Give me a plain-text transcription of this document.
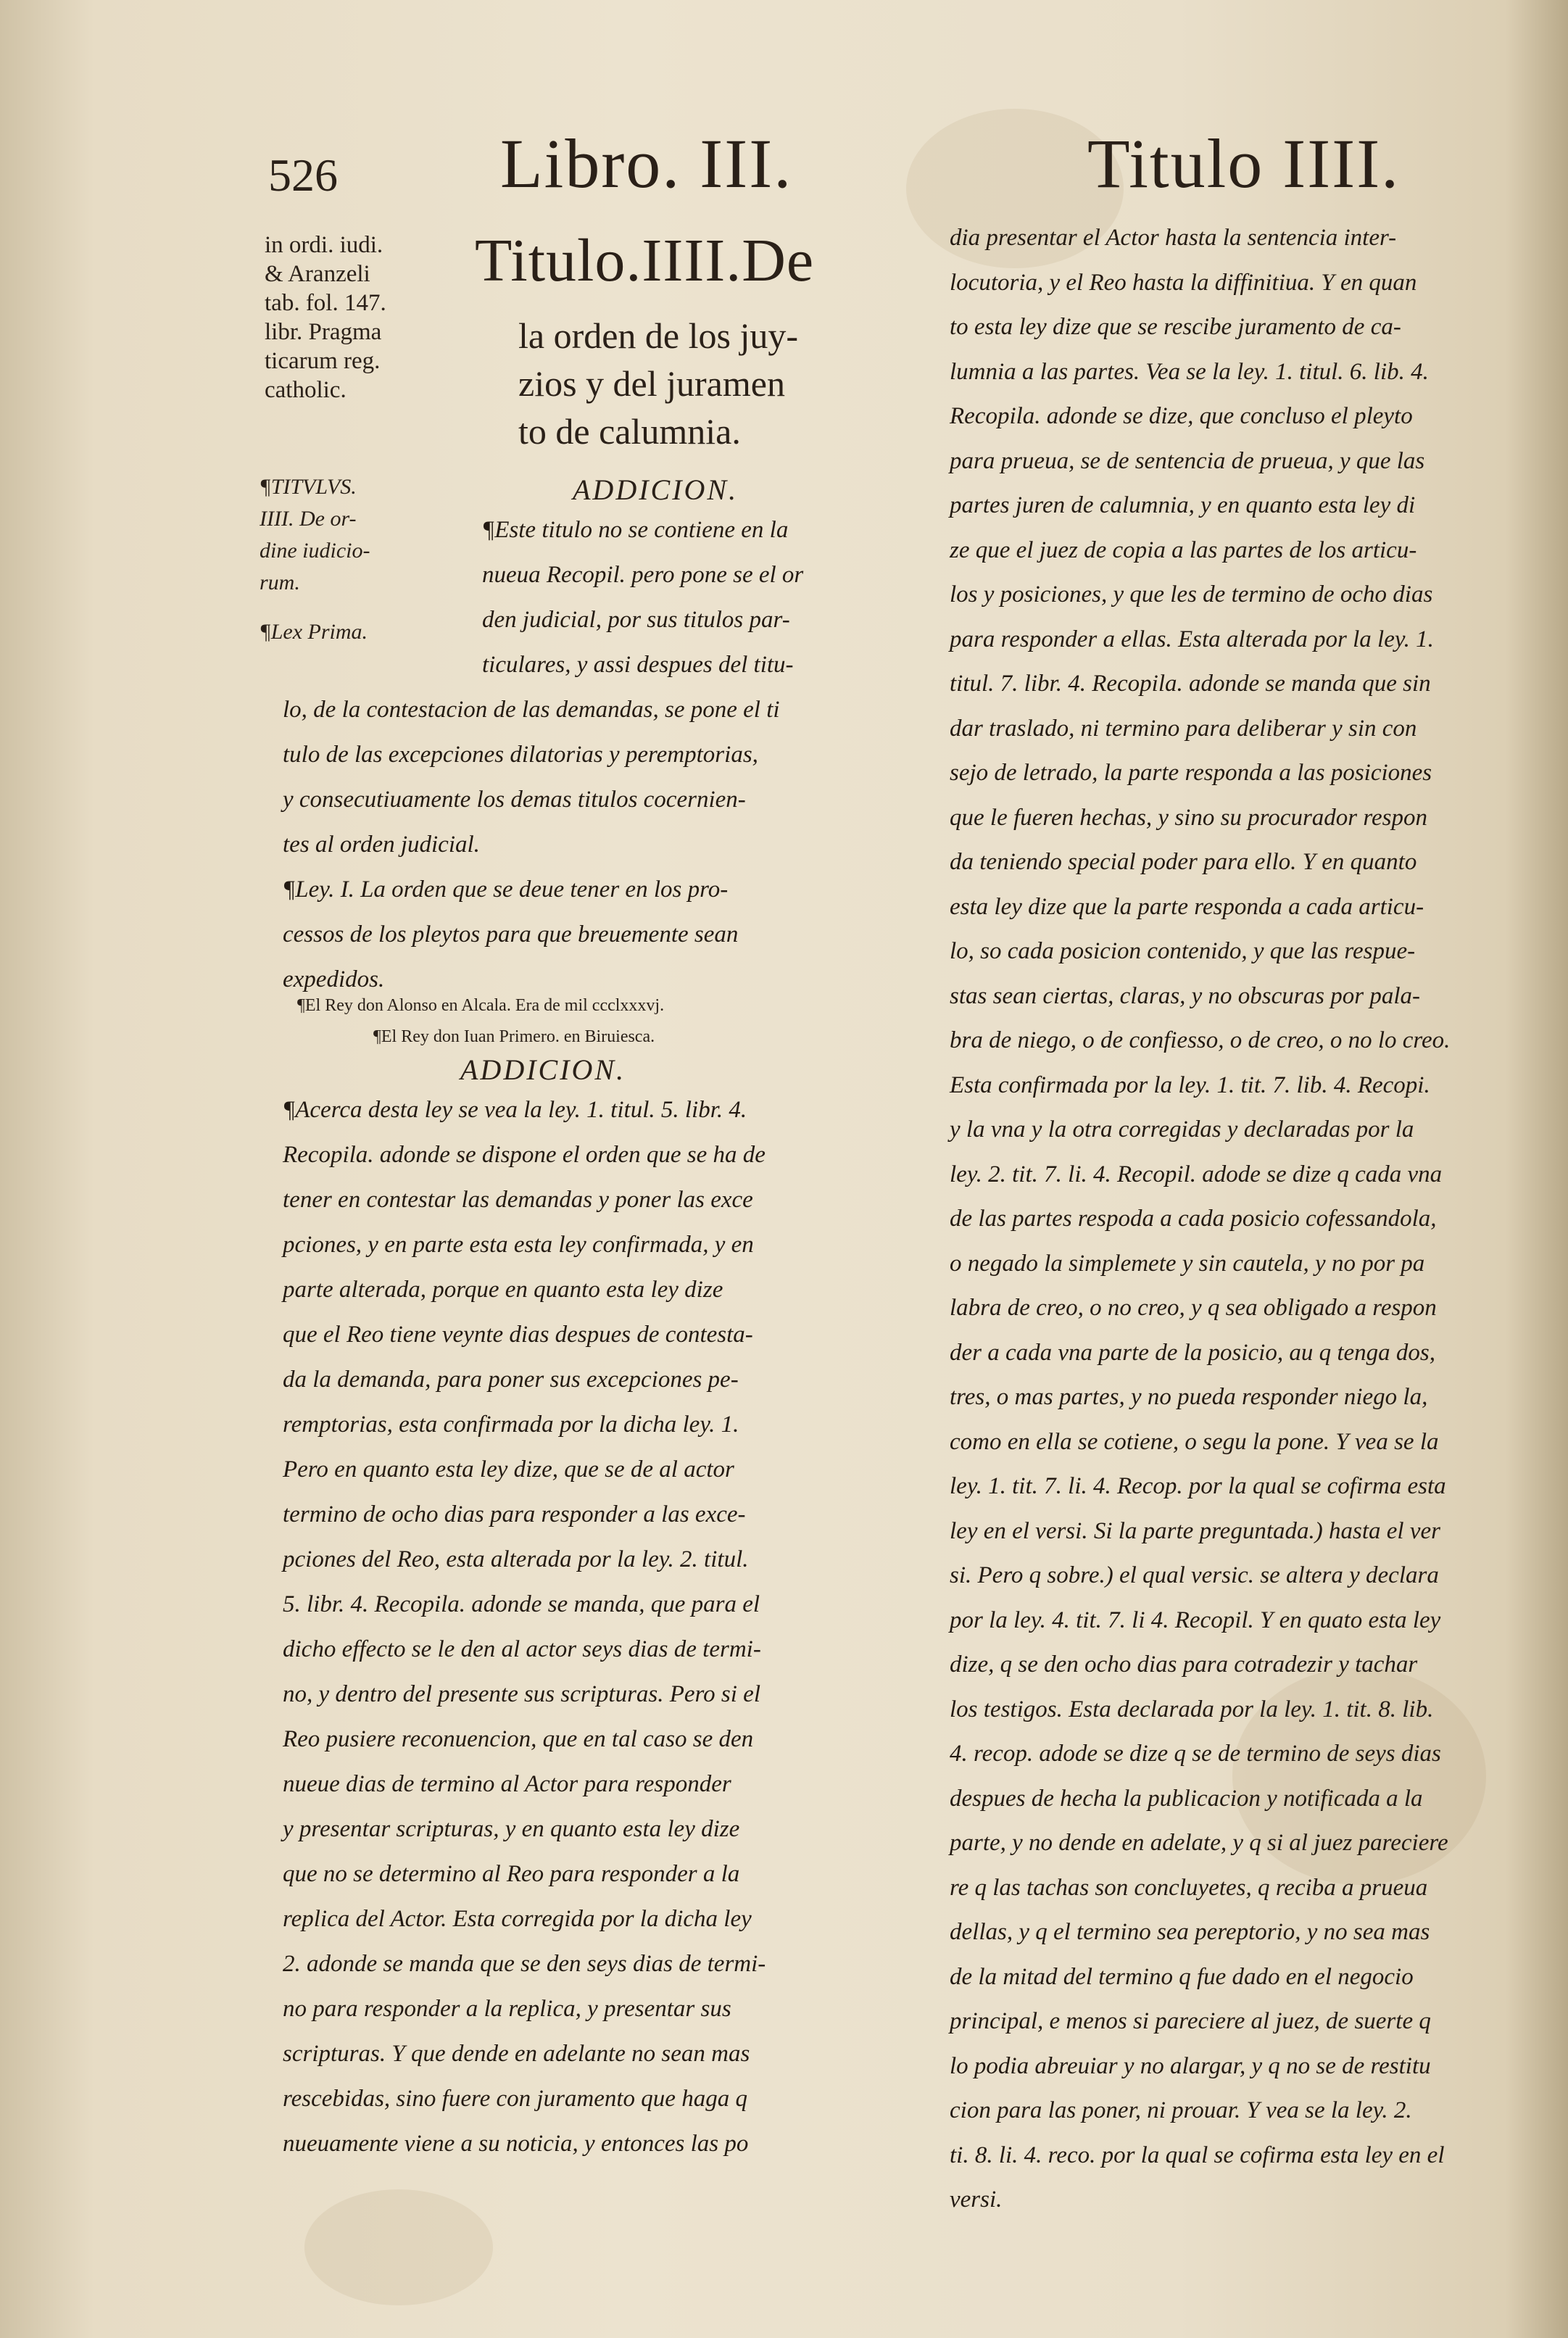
526 Libro. III.	Titulo IIII.
in ordi. iudi.
& Aranzeli
tab. fol. 147.
libr. Pragma
ticarum reg.
catholic.
¶TITVLVS.
IIII. De or-
dine iudicio-
rum.
¶Lex Prima.
Titulo.IIII.De
la orden de los juy-
zios y del juramen
to de calumnia.
ADDICION.
¶Este titulo no se contiene en la
nueua Recopil. pero pone se el or
den judicial, por sus titulos par-
ticulares, y assi despues del titu-
lo, de la contestacion de las demandas, se pone el ti
tulo de las excepciones dilatorias y peremptorias,
y consecutiuamente los demas titulos cocernien-
tes al orden judicial.
¶Ley. I. La orden que se deue tener en los pro-
cessos de los pleytos para que breuemente sean
expedidos.
¶El Rey don Alonso en Alcala. Era de mil ccclxxxvj.
¶El Rey don Iuan Primero. en Biruiesca.
ADDICION.
¶Acerca desta ley se vea la ley. 1. titul. 5. libr. 4.
Recopila. adonde se dispone el orden que se ha de
tener en contestar las demandas y poner las exce
pciones, y en parte esta esta ley confirmada, y en
parte alterada, porque en quanto esta ley dize
que el Reo tiene veynte dias despues de contesta-
da la demanda, para poner sus excepciones pe-
remptorias, esta confirmada por la dicha ley. 1.
Pero en quanto esta ley dize, que se de al actor
termino de ocho dias para responder a las exce-
pciones del Reo, esta alterada por la ley. 2. titul.
5. libr. 4. Recopila. adonde se manda, que para el
dicho effecto se le den al actor seys dias de termi-
no, y dentro del presente sus scripturas. Pero si el
Reo pusiere reconuencion, que en tal caso se den
nueue dias de termino al Actor para responder
y presentar scripturas, y en quanto esta ley dize
que no se determino al Reo para responder a la
replica del Actor. Esta corregida por la dicha ley
2. adonde se manda que se den seys dias de termi-
no para responder a la replica, y presentar sus
scripturas. Y que dende en adelante no sean mas
rescebidas, sino fuere con juramento que haga q
nueuamente viene a su noticia, y entonces las po
dia presentar el Actor hasta la sentencia inter-
locutoria, y el Reo hasta la diffinitiua. Y en quan
to esta ley dize que se rescibe juramento de ca-
lumnia a las partes. Vea se la ley. 1. titul. 6. lib. 4.
Recopila. adonde se dize, que concluso el pleyto
para prueua, se de sentencia de prueua, y que las
partes juren de calumnia, y en quanto esta ley di
ze que el juez de copia a las partes de los articu-
los y posiciones, y que les de termino de ocho dias
para responder a ellas. Esta alterada por la ley. 1.
titul. 7. libr. 4. Recopila. adonde se manda que sin
dar traslado, ni termino para deliberar y sin con
sejo de letrado, la parte responda a las posiciones
que le fueren hechas, y sino su procurador respon
da teniendo special poder para ello. Y en quanto
esta ley dize que la parte responda a cada articu-
lo, so cada posicion contenido, y que las respue-
stas sean ciertas, claras, y no obscuras por pala-
bra de niego, o de confiesso, o de creo, o no lo creo.
Esta confirmada por la ley. 1. tit. 7. lib. 4. Recopi.
y la vna y la otra corregidas y declaradas por la
ley. 2. tit. 7. li. 4. Recopil. adode se dize q cada vna
de las partes respoda a cada posicio cofessandola,
o negado la simplemete y sin cautela, y no por pa
labra de creo, o no creo, y q sea obligado a respon
der a cada vna parte de la posicio, au q tenga dos,
tres, o mas partes, y no pueda responder niego la,
como en ella se cotiene, o segu la pone. Y vea se la
ley. 1. tit. 7. li. 4. Recop. por la qual se cofirma esta
ley en el versi. Si la parte preguntada.) hasta el ver
si. Pero q sobre.) el qual versic. se altera y declara
por la ley. 4. tit. 7. li 4. Recopil. Y en quato esta ley
dize, q se den ocho dias para cotradezir y tachar
los testigos. Esta declarada por la ley. 1. tit. 8. lib.
4. recop. adode se dize q se de termino de seys dias
despues de hecha la publicacion y notificada a la
parte, y no dende en adelate, y q si al juez pareciere
re q las tachas son concluyetes, q reciba a prueua
dellas, y q el termino sea pereptorio, y no sea mas
de la mitad del termino q fue dado en el negocio
principal, e menos si pareciere al juez, de suerte q
lo podia abreuiar y no alargar, y q no se de restitu
cion para las poner, ni prouar. Y vea se la ley. 2.
ti. 8. li. 4. reco. por la qual se cofirma esta ley en el
versi.
